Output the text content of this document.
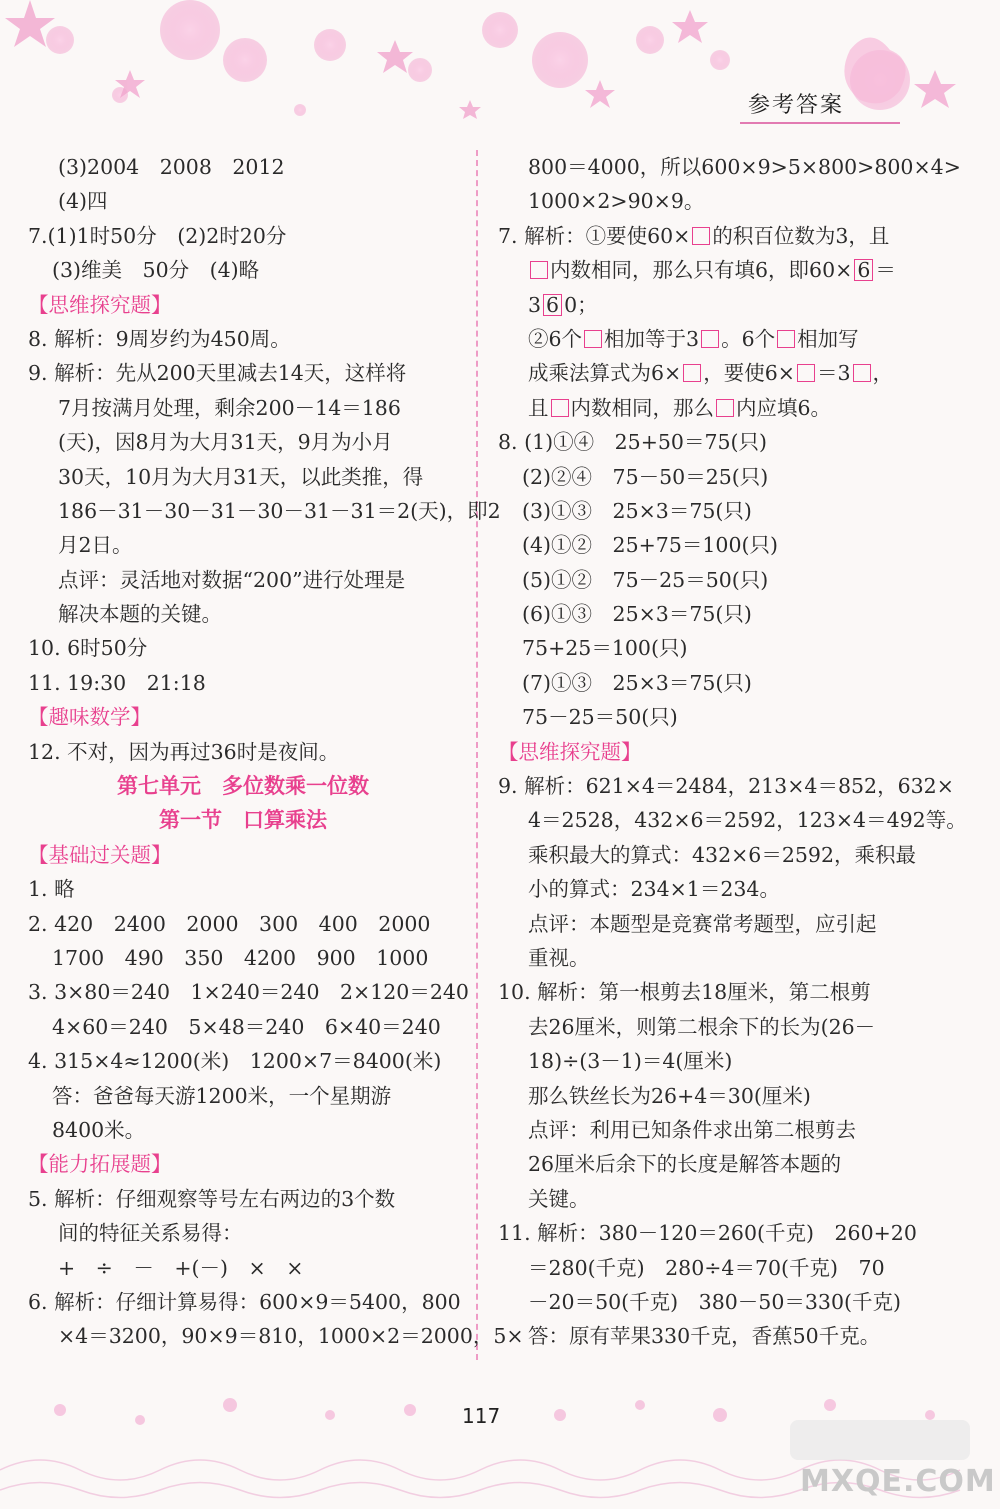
参考答案
(3)2004　2008　2012
(4)四
7.(1)1时50分　(2)2时20分
(3)维美　50分　(4)略
【思维探究题】
8. 解析：9周岁约为450周。
9. 解析：先从200天里减去14天，这样将
7月按满月处理，剩余200－14＝186
(天)，因8月为大月31天，9月为小月
30天，10月为大月31天，以此类推，得
186－31－30－31－30－31－31＝2(天)，即2
月2日。
点评：灵活地对数据“200”进行处理是
解决本题的关键。
10. 6时50分
11. 19:30　21:18
【趣味数学】
12. 不对，因为再过36时是夜间。
第七单元　多位数乘一位数
第一节　口算乘法
【基础过关题】
1. 略
2. 420　2400　2000　300　400　2000
1700　490　350　4200　900　1000
3. 3×80＝240　1×240＝240　2×120＝240
4×60＝240　5×48＝240　6×40＝240
4. 315×4≈1200(米)　1200×7＝8400(米)
答：爸爸每天游1200米，一个星期游
8400米。
【能力拓展题】
5. 解析：仔细观察等号左右两边的3个数
间的特征关系易得：
+　÷　－　+(－)　×　×
6. 解析：仔细计算易得：600×9＝5400，800
×4＝3200，90×9＝810，1000×2＝2000，5×
800＝4000，所以600×9>5×800>800×4>
1000×2>90×9。
7. 解析：①要使60× 的积百位数为3，且
内数相同，那么只有填6，即60× 6 ＝
3 6 0；
②6个 相加等于3 。6个 相加写
成乘法算式为6× ，要使6× ＝3 ，
且 内数相同，那么 内应填6。
8. (1)①④　25+50＝75(只)
(2)②④　75－50＝25(只)
(3)①③　25×3＝75(只)
(4)①②　25+75＝100(只)
(5)①②　75－25＝50(只)
(6)①③　25×3＝75(只)
75+25＝100(只)
(7)①③　25×3＝75(只)
75－25＝50(只)
【思维探究题】
9. 解析：621×4＝2484，213×4＝852，632×
4＝2528，432×6＝2592，123×4＝492等。
乘积最大的算式：432×6＝2592，乘积最
小的算式：234×1＝234。
点评：本题型是竞赛常考题型，应引起
重视。
10. 解析：第一根剪去18厘米，第二根剪
去26厘米，则第二根余下的长为(26－
18)÷(3－1)＝4(厘米)
那么铁丝长为26+4＝30(厘米)
点评：利用已知条件求出第二根剪去
26厘米后余下的长度是解答本题的
关键。
11. 解析：380－120＝260(千克)　260+20
＝280(千克)　280÷4＝70(千克)　70
－20＝50(千克)　380－50＝330(千克)
答：原有苹果330千克，香蕉50千克。
117
MXQE.COM
